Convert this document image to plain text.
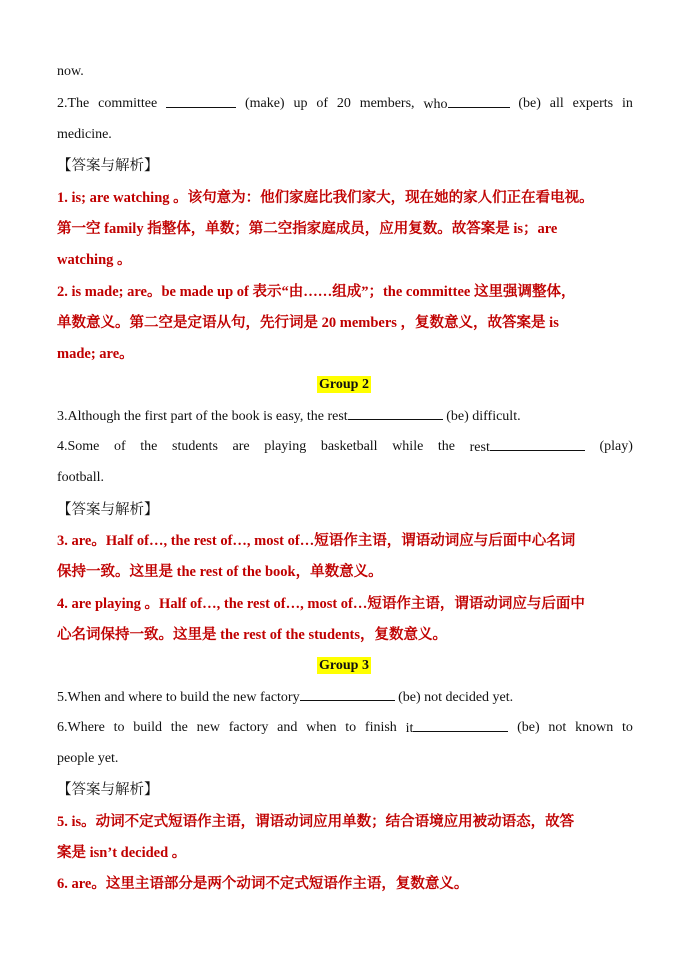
now.
2.The committee	(make) up of 20 members, who	(be) all experts in
medicine.
【答案与解析】
1. is; are watching 。该句意为：他们家庭比我们家大，现在她的家人们正在看电视。
第一空 family 指整体，单数；第二空指家庭成员，应用复数。故答案是 is；are
watching 。
2. is made; are。be made up of 表示“由……组成”；the committee 这里强调整体，
单数意义。第二空是定语从句，先行词是 20 members ，复数意义，故答案是 is
made; are。
Group 2
3.Although the first part of the book is easy, the rest	(be) difficult.
4.Some of the students are playing basketball while the rest	(play)
football.
【答案与解析】
3. are。Half of…, the rest of…, most of…短语作主语，谓语动词应与后面中心名词
保持一致。这里是 the rest of the book，单数意义。
4. are playing 。Half of…, the rest of…, most of…短语作主语，谓语动词应与后面中
心名词保持一致。这里是 the rest of the students，复数意义。
Group 3
5.When and where to build the new factory	(be) not decided yet.
6.Where to build the new factory and when to finish it	(be) not known to
people yet.
【答案与解析】
5. is。动词不定式短语作主语，谓语动词应用单数；结合语境应用被动语态，故答
案是 isn’t decided 。
6. are。这里主语部分是两个动词不定式短语作主语，复数意义。
